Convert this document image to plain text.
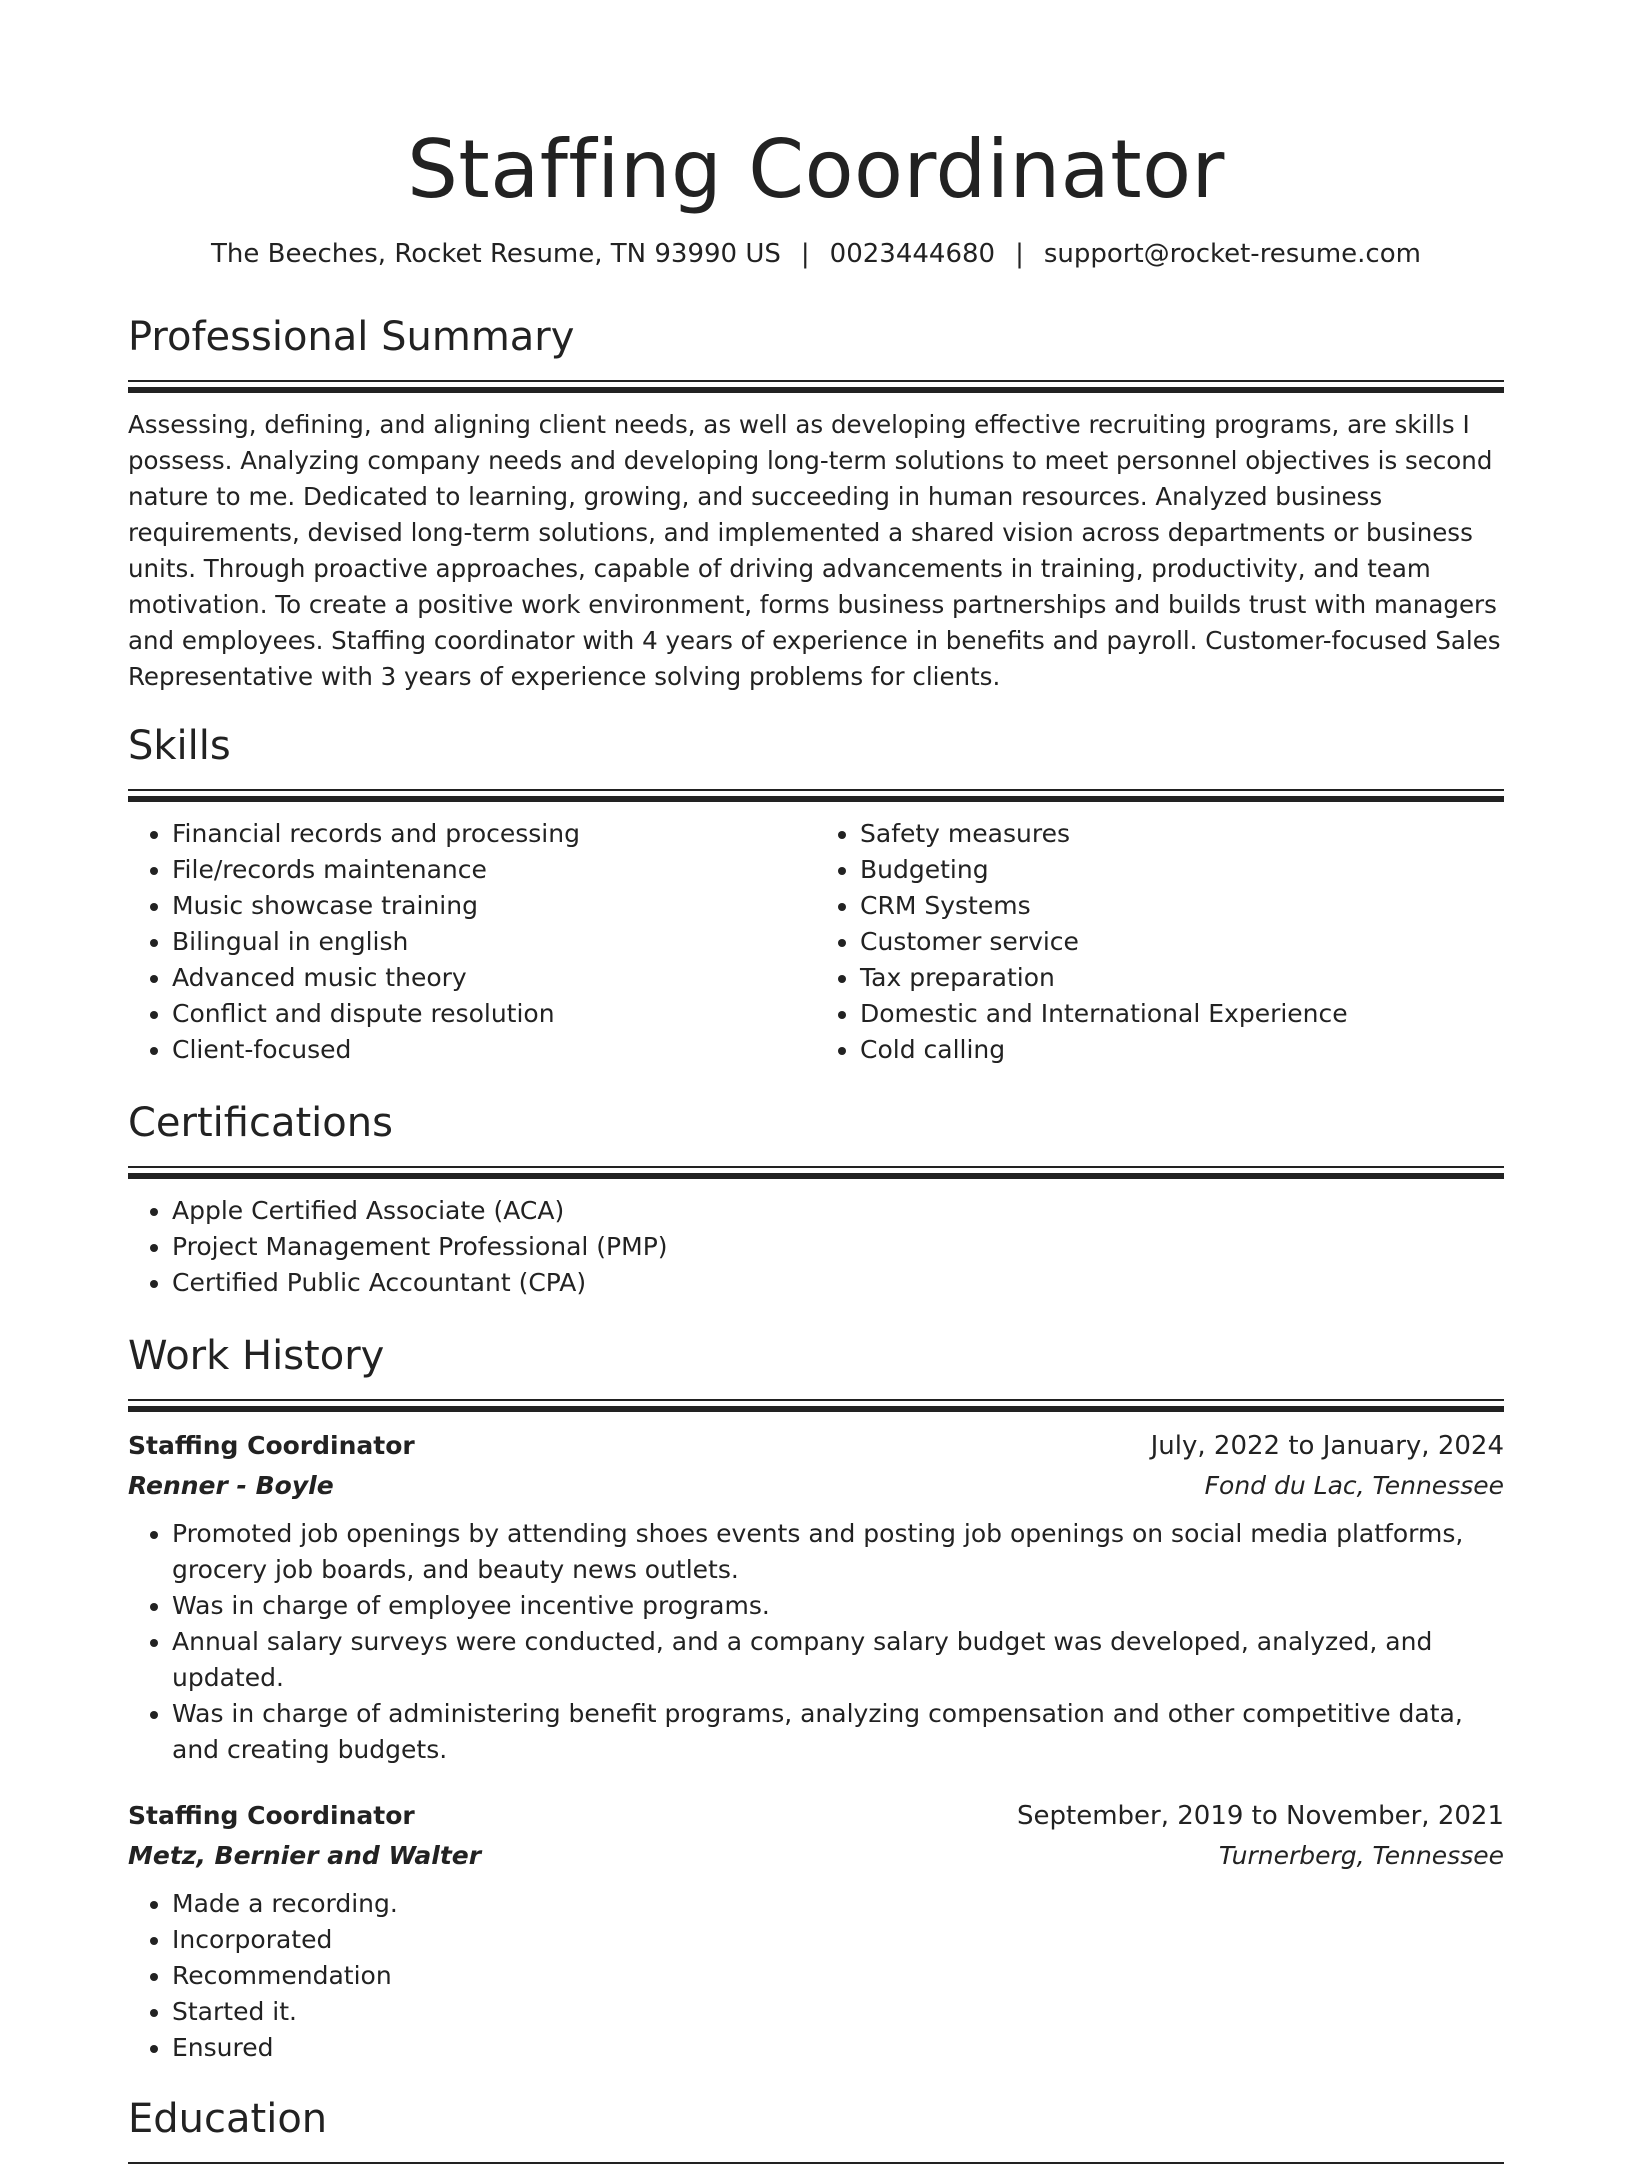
Staffing Coordinator
The Beeches, Rocket Resume, TN 93990 US | 0023444680 | support@rocket-resume.com
Professional Summary

Assessing, defining, and aligning client needs, as well as developing effective recruiting programs, are skills I possess. Analyzing company needs and developing long-term solutions to meet personnel objectives is second nature to me. Dedicated to learning, growing, and succeeding in human resources. Analyzed business requirements, devised long-term solutions, and implemented a shared vision across departments or business units. Through proactive approaches, capable of driving advancements in training, productivity, and team motivation. To create a positive work environment, forms business partnerships and builds trust with managers and employees. Staffing coordinator with 4 years of experience in benefits and payroll. Customer-focused Sales Representative with 3 years of experience solving problems for clients.

Skills
• Financial records and processing
• File/records maintenance
• Music showcase training
• Bilingual in english
• Advanced music theory
• Conflict and dispute resolution
• Client-focused
• Safety measures
• Budgeting
• CRM Systems
• Customer service
• Tax preparation
• Domestic and International Experience
• Cold calling
Certifications
• Apple Certified Associate (ACA)
• Project Management Professional (PMP)
• Certified Public Accountant (CPA)
Work History
Staffing Coordinator	July, 2022 to January, 2024
Renner - Boyle	Fond du Lac, Tennessee
• Promoted job openings by attending shoes events and posting job openings on social media platforms, grocery job boards, and beauty news outlets.
• Was in charge of employee incentive programs.
• Annual salary surveys were conducted, and a company salary budget was developed, analyzed, and updated.
• Was in charge of administering benefit programs, analyzing compensation and other competitive data, and creating budgets.
Staffing Coordinator	September, 2019 to November, 2021
Metz, Bernier and Walter	Turnerberg, Tennessee
• Made a recording.
• Incorporated
• Recommendation
• Started it.
• Ensured
Education
